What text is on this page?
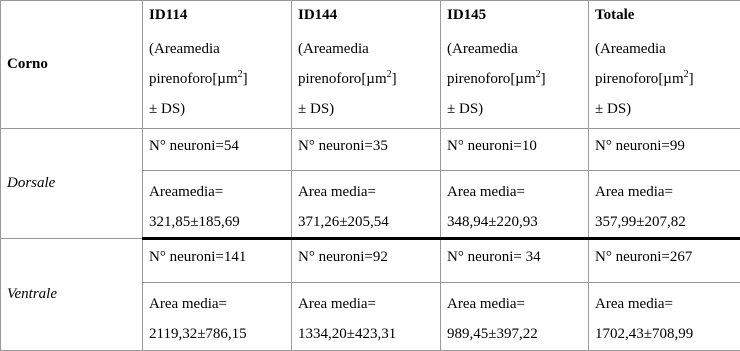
Corno	ID114
(Areamedia
pirenoforo[µm$^2$]
± DS)	ID144
(Areamedia
pirenoforo[µm$^2$]
± DS)	ID145
(Areamedia
pirenoforo[µm$^2$]
± DS)	Totale
(Areamedia
pirenoforo[µm$^2$]
± DS)

Dorsale	N° neuroni=54	N° neuroni=35	N° neuroni=10	N° neuroni=99

	Areamedia=
321,85±185,69	Area media=
371,26±205,54	Area media=
348,94±220,93	Area media=
357,99±207,82

Ventrale	N° neuroni=141	N° neuroni=92	N° neuroni= 34	N° neuroni=267

	Area media=
2119,32±786,15	Area media=
1334,20±423,31	Area media=
989,45±397,22	Area media=
1702,43±708,99
